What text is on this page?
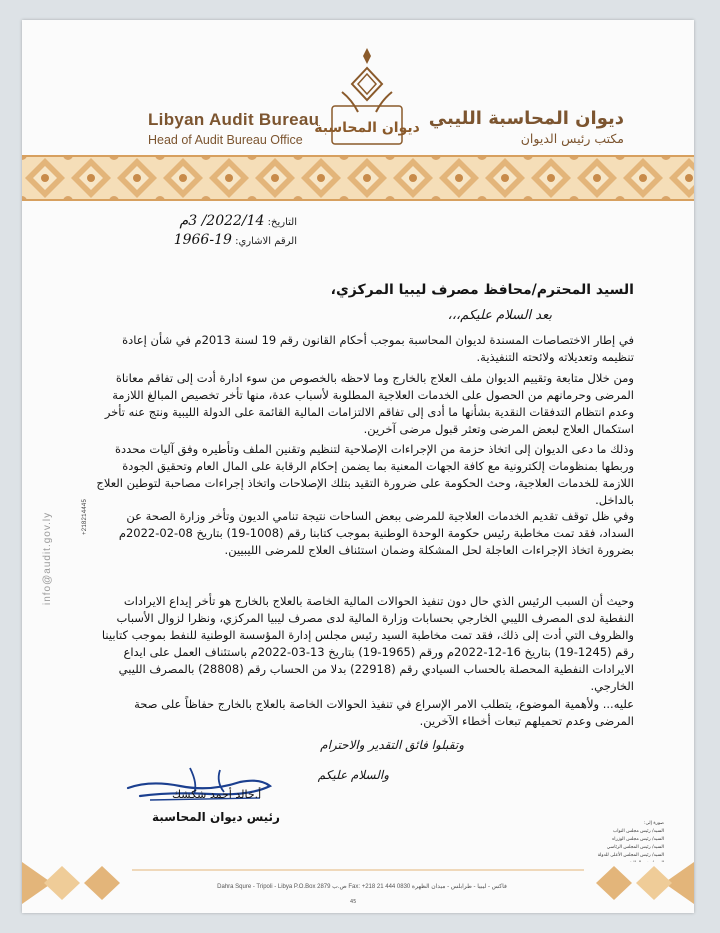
ديوان المحاسبة
Libyan Audit Bureau
Head of Audit Bureau Office
ديوان المحاسبة الليبي
مكتب رئيس الديوان
التاريخ: 2022/14/ 3م
الرقم الاشاري: 19-1966
السيد المحترم/محافظ مصرف ليبيا المركزي،
بعد السلام عليكم،،،
في إطار الاختصاصات المسندة لديوان المحاسبة بموجب أحكام القانون رقم 19 لسنة 2013م في شأن إعادة تنظيمه وتعديلاته ولائحته التنفيذية.
ومن خلال متابعة وتقييم الديوان ملف العلاج بالخارج وما لاحظه بالخصوص من سوء ادارة أدت إلى تفاقم معاناة المرضى وحرمانهم من الحصول على الخدمات العلاجية المطلوبة لأسباب عدة، منها تأخر تخصيص المبالغ اللازمة وعدم انتظام التدفقات النقدية بشأنها ما أدى إلى تفاقم الالتزامات المالية القائمة على الدولة الليبية ونتج عنه تأخر استكمال العلاج لبعض المرضى وتعثر قبول مرضى آخرين.
وذلك ما دعى الديوان إلى اتخاذ حزمة من الإجراءات الإصلاحية لتنظيم وتقنين الملف وتأطيره وفق آليات محددة وربطها بمنظومات إلكترونية مع كافة الجهات المعنية بما يضمن إحكام الرقابة على المال العام وتحقيق الجودة اللازمة للخدمات العلاجية، وحث الحكومة على ضرورة التقيد بتلك الإصلاحات واتخاذ إجراءات مصاحبة لتوطين العلاج بالداخل.
وفي ظل توقف تقديم الخدمات العلاجية للمرضى ببعض الساحات نتيجة تنامي الديون وتأخر وزارة الصحة عن السداد، فقد تمت مخاطبة رئيس حكومة الوحدة الوطنية بموجب كتابنا رقم (1008-19) بتاريخ 08-02-2022م بضرورة اتخاذ الإجراءات العاجلة لحل المشكلة وضمان استئناف العلاج للمرضى الليبيين.
وحيث أن السبب الرئيس الذي حال دون تنفيذ الحوالات المالية الخاصة بالعلاج بالخارج هو تأخر إيداع الايرادات النفطية لدى المصرف الليبي الخارجي بحسابات وزارة المالية لدى مصرف ليبيا المركزي، ونظرا لزوال الأسباب والظروف التي أدت إلى ذلك، فقد تمت مخاطبة السيد رئيس مجلس إدارة المؤسسة الوطنية للنفط بموجب كتابينا رقم (1245-19) بتاريخ 16-12-2022م ورقم (1965-19) بتاريخ 13-03-2022م باستئناف العمل على ايداع الايرادات النفطية المحصلة بالحساب السيادي رقم (22918) بدلا من الحساب رقم (28808) بالمصرف الليبي الخارجي.
عليه... ولأهمية الموضوع، يتطلب الامر الإسراع في تنفيذ الحوالات الخاصة بالعلاج بالخارج حفاظاً على صحة المرضى وعدم تحميلهم تبعات أخطاء الآخرين.
وتقبلوا فائق التقدير والاحترام
والسلام عليكم
أ.خالد أحمد شكشك
رئيس ديوان المحاسبة	صورة إلى:
السيد/ رئيس مجلس النواب
السيد/ رئيس مجلس الوزراء
السيد/ رئيس المجلس الرئاسي
السيد/ رئيس المجلس الأعلى للدولة
info@audit.gov.ly	+218214445
Dahra Squre - Tripoli - Libya P.O.Box 2879 ص.ب Fax: +218 21 444 0830 فاكس - ليبيا - طرابلس - ميدان الظهرة
45
